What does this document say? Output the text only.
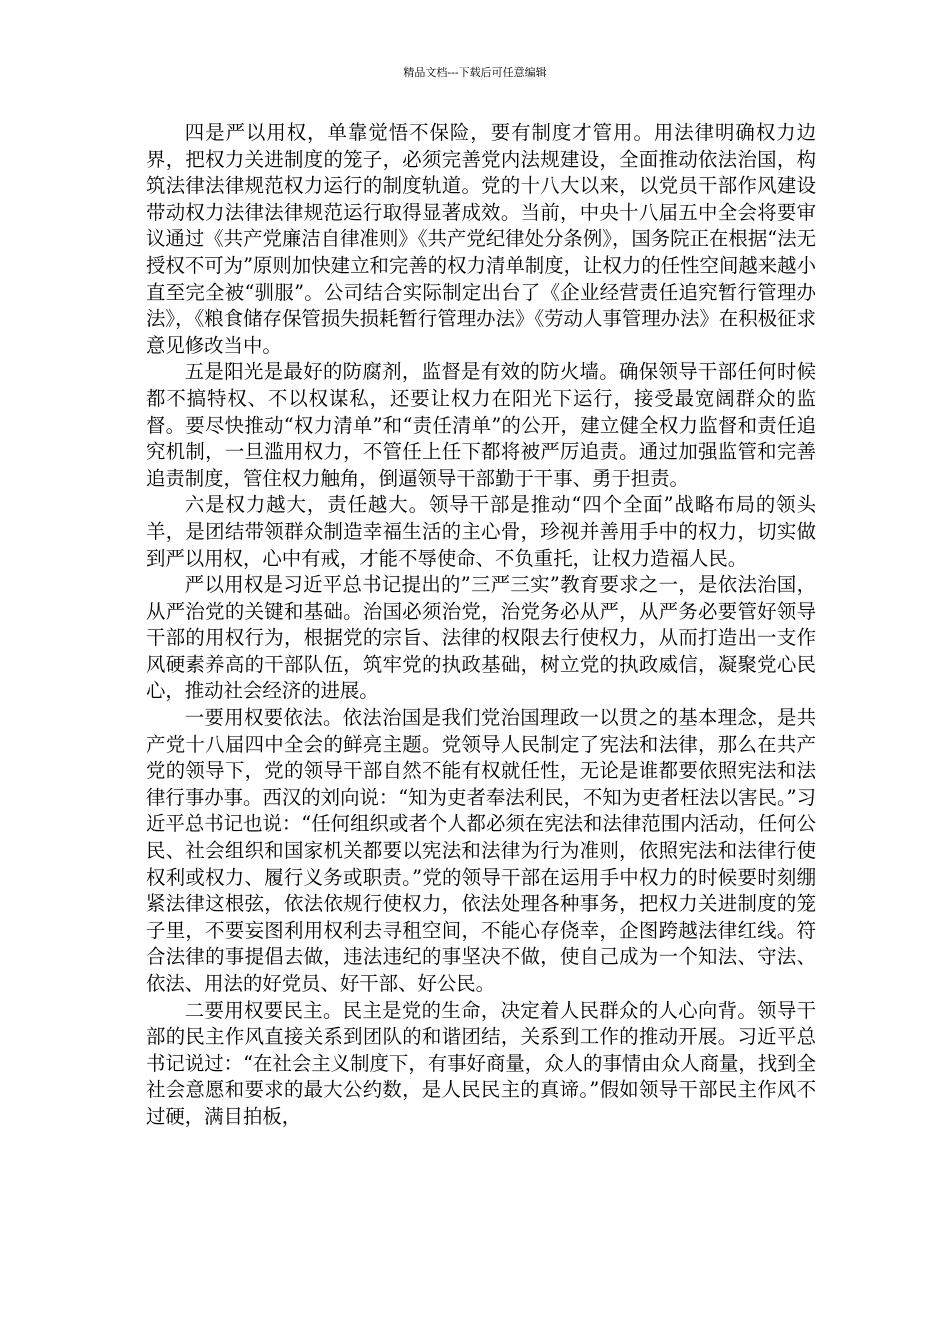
精品文档---下载后可任意编辑

四是严以用权，单靠觉悟不保险，要有制度才管用。用法律明确权力边界，把权力关进制度的笼子，必须完善党内法规建设，全面推动依法治国，构筑法律法律规范权力运行的制度轨道。党的十八大以来，以党员干部作风建设带动权力法律法律规范运行取得显著成效。当前，中央十八届五中全会将要审议通过《共产党廉洁自律准则》《共产党纪律处分条例》，国务院正在根据“法无授权不可为”原则加快建立和完善的权力清单制度，让权力的任性空间越来越小直至完全被“驯服”。公司结合实际制定出台了《企业经营责任追究暂行管理办法》，《粮食储存保管损失损耗暂行管理办法》《劳动人事管理办法》在积极征求意见修改当中。

五是阳光是最好的防腐剂，监督是有效的防火墙。确保领导干部任何时候都不搞特权、不以权谋私，还要让权力在阳光下运行，接受最宽阔群众的监督。要尽快推动“权力清单”和“责任清单”的公开，建立健全权力监督和责任追究机制，一旦滥用权力，不管任上任下都将被严厉追责。通过加强监管和完善追责制度，管住权力触角，倒逼领导干部勤于干事、勇于担责。

六是权力越大，责任越大。领导干部是推动“四个全面”战略布局的领头羊，是团结带领群众制造幸福生活的主心骨，珍视并善用手中的权力，切实做到严以用权，心中有戒，才能不辱使命、不负重托，让权力造福人民。

严以用权是习近平总书记提出的”三严三实”教育要求之一，是依法治国，从严治党的关键和基础。治国必须治党，治党务必从严，从严务必要管好领导干部的用权行为，根据党的宗旨、法律的权限去行使权力，从而打造出一支作风硬素养高的干部队伍，筑牢党的执政基础，树立党的执政威信，凝聚党心民心，推动社会经济的进展。

一要用权要依法。依法治国是我们党治国理政一以贯之的基本理念，是共产党十八届四中全会的鲜亮主题。党领导人民制定了宪法和法律，那么在共产党的领导下，党的领导干部自然不能有权就任性，无论是谁都要依照宪法和法律行事办事。西汉的刘向说：“知为吏者奉法利民，不知为吏者枉法以害民。”习近平总书记也说：“任何组织或者个人都必须在宪法和法律范围内活动，任何公民、社会组织和国家机关都要以宪法和法律为行为准则，依照宪法和法律行使权利或权力、履行义务或职责。”党的领导干部在运用手中权力的时候要时刻绷紧法律这根弦，依法依规行使权力，依法处理各种事务，把权力关进制度的笼子里，不要妄图利用权利去寻租空间，不能心存侥幸，企图跨越法律红线。符合法律的事提倡去做，违法违纪的事坚决不做，使自己成为一个知法、守法、依法、用法的好党员、好干部、好公民。

二要用权要民主。民主是党的生命，决定着人民群众的人心向背。领导干部的民主作风直接关系到团队的和谐团结，关系到工作的推动开展。习近平总书记说过：“在社会主义制度下，有事好商量，众人的事情由众人商量，找到全社会意愿和要求的最大公约数，是人民民主的真谛。”假如领导干部民主作风不过硬，满目拍板，
